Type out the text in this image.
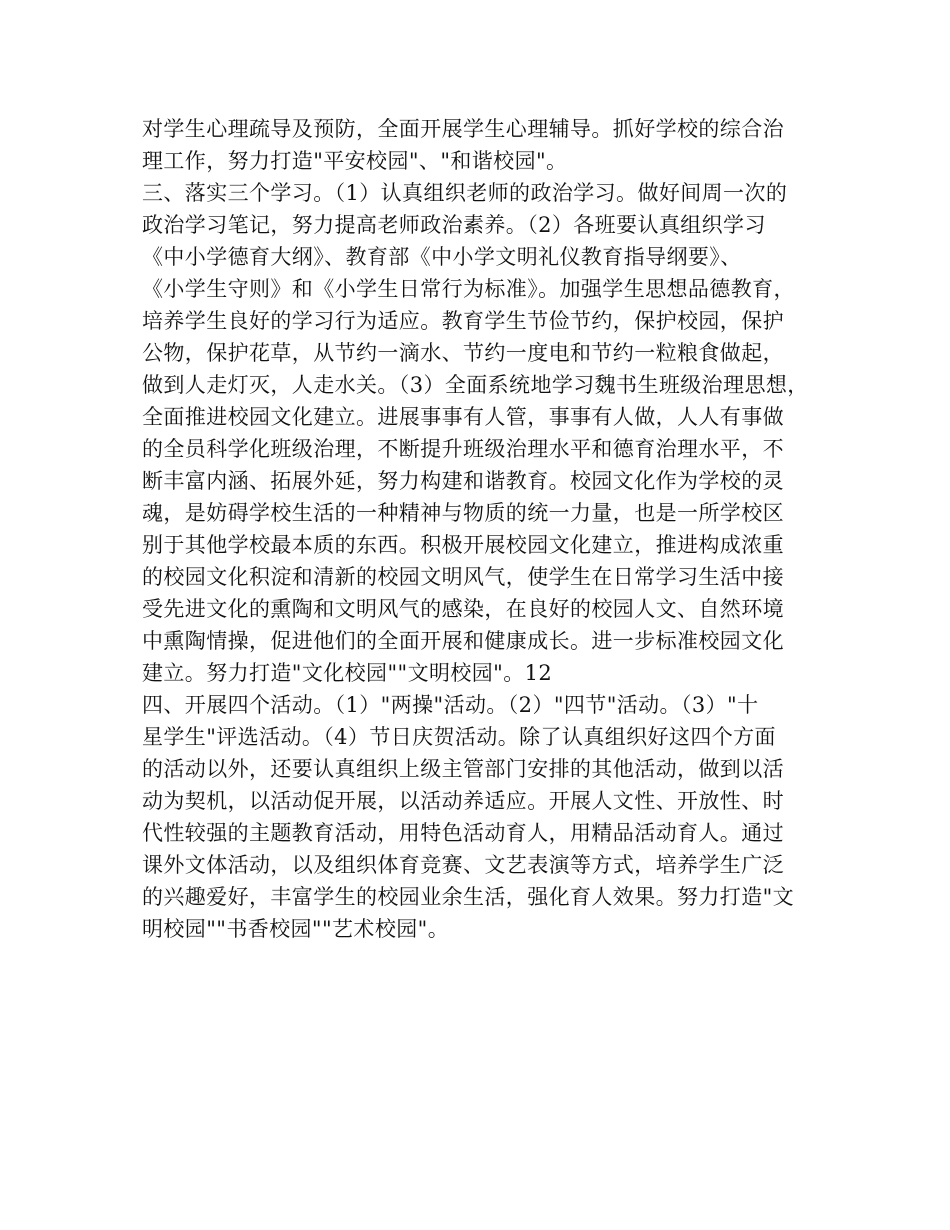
对学生心理疏导及预防，全面开展学生心理辅导。抓好学校的综合治
理工作，努力打造"平安校园"、"和谐校园"。
三、落实三个学习。（1）认真组织老师的政治学习。做好间周一次的
政治学习笔记，努力提高老师政治素养。（2）各班要认真组织学习
《中小学德育大纲》、教育部《中小学文明礼仪教育指导纲要》、
《小学生守则》和《小学生日常行为标准》。加强学生思想品德教育，
培养学生良好的学习行为适应。教育学生节俭节约，保护校园，保护
公物，保护花草，从节约一滴水、节约一度电和节约一粒粮食做起，
做到人走灯灭，人走水关。（3）全面系统地学习魏书生班级治理思想，
全面推进校园文化建立。进展事事有人管，事事有人做，人人有事做
的全员科学化班级治理，不断提升班级治理水平和德育治理水平，不
断丰富内涵、拓展外延，努力构建和谐教育。校园文化作为学校的灵
魂，是妨碍学校生活的一种精神与物质的统一力量，也是一所学校区
别于其他学校最本质的东西。积极开展校园文化建立，推进构成浓重
的校园文化积淀和清新的校园文明风气，使学生在日常学习生活中接
受先进文化的熏陶和文明风气的感染，在良好的校园人文、自然环境
中熏陶情操，促进他们的全面开展和健康成长。进一步标准校园文化
建立。努力打造"文化校园""文明校园"。12
四、开展四个活动。（1）"两操"活动。（2）"四节"活动。（3）"十
星学生"评选活动。（4）节日庆贺活动。除了认真组织好这四个方面
的活动以外，还要认真组织上级主管部门安排的其他活动，做到以活
动为契机，以活动促开展，以活动养适应。开展人文性、开放性、时
代性较强的主题教育活动，用特色活动育人，用精品活动育人。通过
课外文体活动，以及组织体育竞赛、文艺表演等方式，培养学生广泛
的兴趣爱好，丰富学生的校园业余生活，强化育人效果。努力打造"文
明校园""书香校园""艺术校园"。
